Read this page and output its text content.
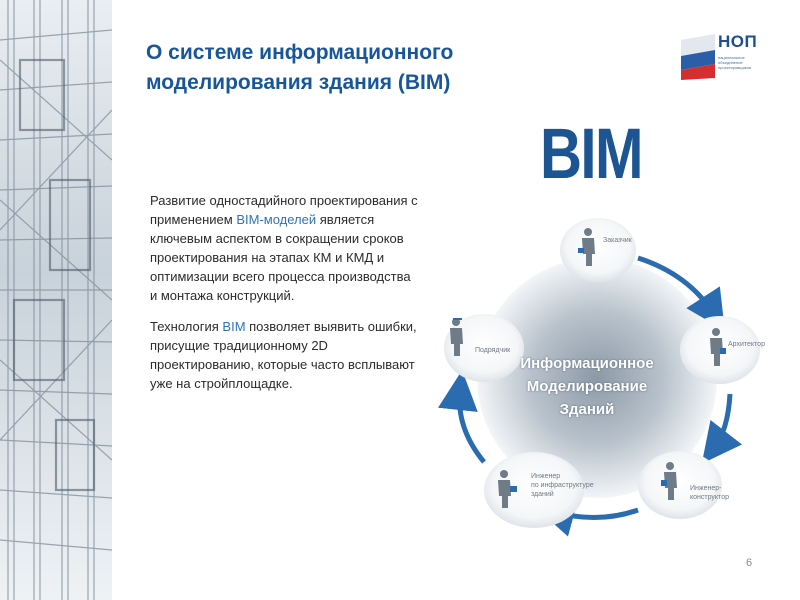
О системе информационного
моделирования здания (BIM)
НОП
национальное
объединение
проектировщиков

Развитие одностадийного проектирования с применением BIM-моделей является ключевым аспектом в сокращении сроков проектирования на этапах КМ и КМД и оптимизации всего процесса производства и монтажа конструкций.

Технология BIM позволяет выявить ошибки, присущие традиционному 2D проектированию, которые часто всплывают уже на стройплощадке.

BIM
Информационное
Моделирование
Зданий
Заказчик
Архитектор
Инженер-
конструктор
Инженер
по инфраструктуре
зданий
Подрядчик
6
